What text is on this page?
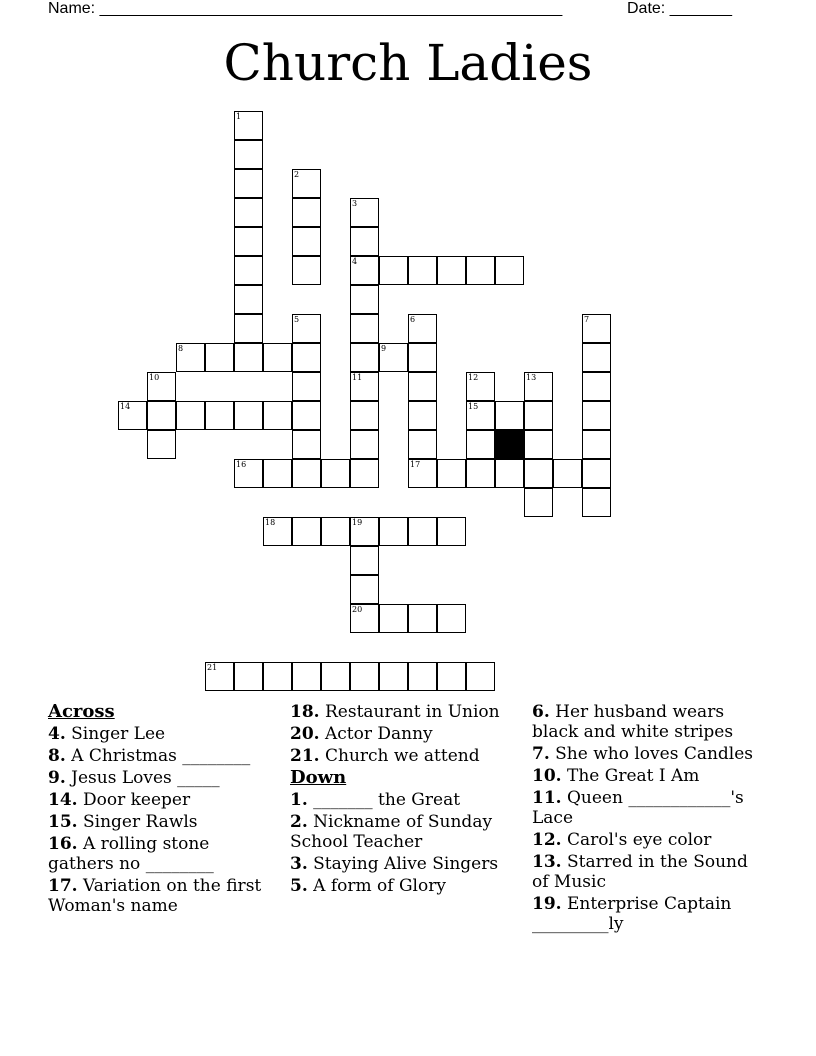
Name: ____________________________________________________	Date: _______
Church Ladies
1
2
3
4
11
5	6
17
7
10	12
15
13
19
20
8	9
14
16
18
21
Across
4. Singer Lee
8. A Christmas ________
9. Jesus Loves _____
14. Door keeper
15. Singer Rawls
16. A rolling stone gathers no ________
17. Variation on the first Woman's name
18. Restaurant in Union
20. Actor Danny
21. Church we attend
Down
1. _______ the Great
2. Nickname of Sunday School Teacher
3. Staying Alive Singers
5. A form of Glory
6. Her husband wears black and white stripes
7. She who loves Candles
10. The Great I Am
11. Queen ____________'s Lace
12. Carol's eye color
13. Starred in the Sound of Music
19. Enterprise Captain _________ly
